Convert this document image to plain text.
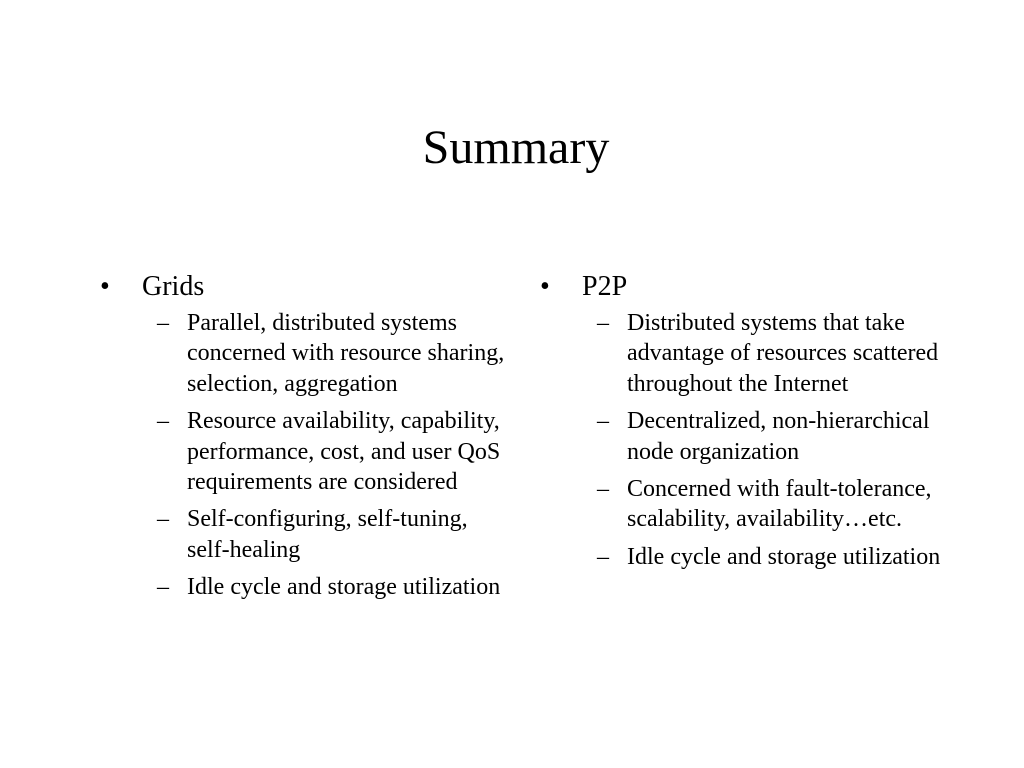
Summary
•	Grids
– Parallel, distributed systems concerned with resource sharing, selection, aggregation
– Resource availability, capability, performance, cost, and user QoS requirements are considered
– Self-configuring, self-tuning, self-healing
– Idle cycle and storage utilization
•	P2P
– Distributed systems that take advantage of resources scattered throughout the Internet
– Decentralized, non-hierarchical node organization
– Concerned with fault-tolerance, scalability, availability…etc.
– Idle cycle and storage utilization
